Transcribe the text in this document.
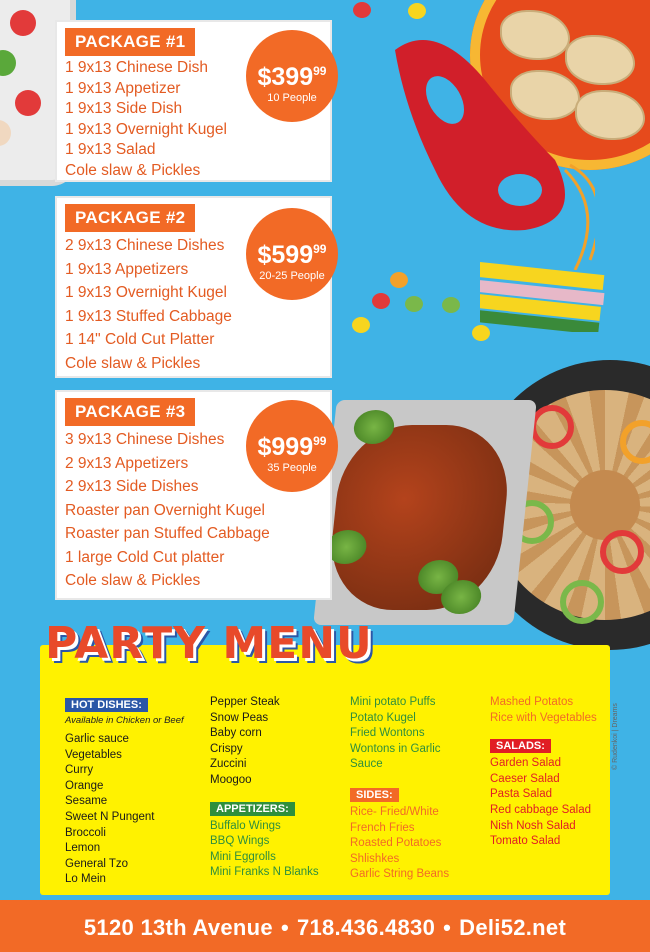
PACKAGE #1
1 9x13 Chinese Dish
1 9x13 Appetizer
1 9x13 Side Dish
1 9x13 Overnight Kugel
1 9x13 Salad
Cole slaw & Pickles
$\$399^{99}$
10 People
PACKAGE #2
2 9x13 Chinese Dishes
1 9x13 Appetizers
1 9x13 Overnight Kugel
1 9x13 Stuffed Cabbage
1 14" Cold Cut Platter
Cole slaw & Pickles
$\$599^{99}$
20-25 People
PACKAGE #3
3 9x13 Chinese Dishes
2 9x13 Appetizers
2 9x13 Side Dishes
Roaster pan Overnight Kugel
Roaster pan Stuffed Cabbage
1 large Cold Cut platter
Cole slaw & Pickles
$\$999^{99}$
35 People
PARTY MENU
HOT DISHES:
Available in Chicken or Beef
Garlic sauce
Vegetables
Curry
Orange
Sesame
Sweet N Pungent
Broccoli
Lemon
General Tzo
Lo Mein
Pepper Steak
Snow Peas
Baby corn
Crispy
Zuccini
Moogoo
APPETIZERS:
Buffalo Wings
BBQ Wings
Mini Eggrolls
Mini Franks N Blanks
Mini potato Puffs
Potato Kugel
Fried Wontons
Wontons in Garlic
Sauce
SIDES:
Rice- Fried/White
French Fries
Roasted Potatoes
Shlishkes
Garlic String Beans
Mashed Potatos
Rice with Vegetables
SALADS:
Garden Salad
Caeser Salad
Pasta Salad
Red cabbage Salad
Nish Nosh Salad
Tomato Salad
© Rudenkoi | Dreams
5120 13th Avenue • 718.436.4830 • Deli52.net
